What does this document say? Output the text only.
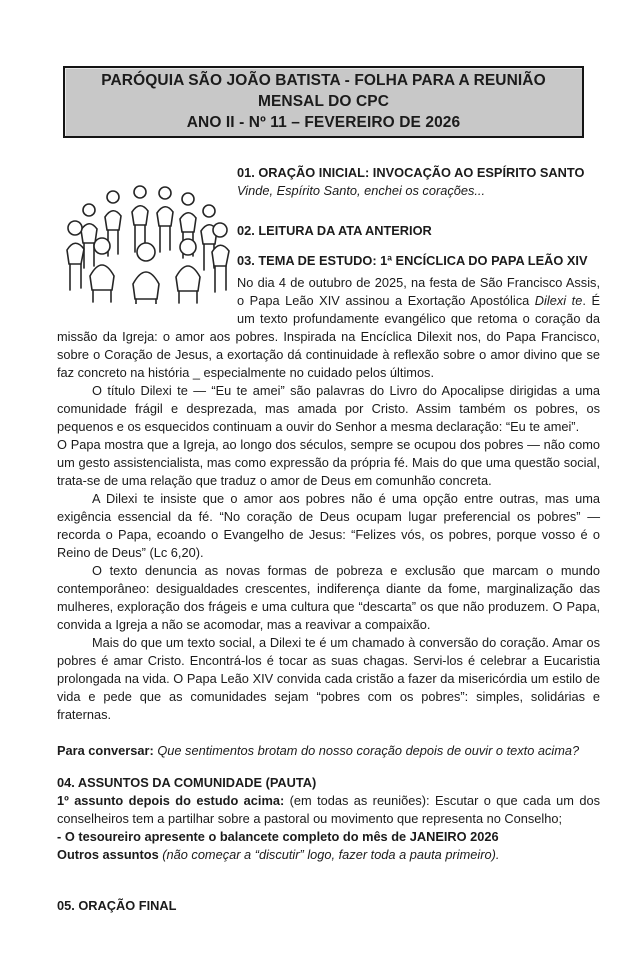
PARÓQUIA SÃO JOÃO BATISTA - FOLHA PARA A REUNIÃO MENSAL DO CPC
ANO II - Nº 11 – FEVEREIRO DE 2026

01. ORAÇÃO INICIAL: INVOCAÇÃO AO ESPÍRITO SANTO

Vinde, Espírito Santo, enchei os corações...

02. LEITURA DA ATA ANTERIOR

03. TEMA DE ESTUDO: 1ª ENCÍCLICA DO PAPA LEÃO XIV

No dia 4 de outubro de 2025, na festa de São Francisco Assis, o Papa Leão XIV assinou a Exortação Apostólica Dilexi te. É um texto profundamente evangélico que retoma o coração da missão da Igreja: o amor aos pobres. Inspirada na Encíclica Dilexit nos, do Papa Francisco, sobre o Coração de Jesus, a exortação dá continuidade à reflexão sobre o amor divino que se faz concreto na história _ especialmente no cuidado pelos últimos.

O título Dilexi te — “Eu te amei” são palavras do Livro do Apocalipse dirigidas a uma comunidade frágil e desprezada, mas amada por Cristo. Assim também os pobres, os pequenos e os esquecidos continuam a ouvir do Senhor a mesma declaração: “Eu te amei”.

O Papa mostra que a Igreja, ao longo dos séculos, sempre se ocupou dos pobres — não como um gesto assistencialista, mas como expressão da própria fé. Mais do que uma questão social, trata-se de uma relação que traduz o amor de Deus em comunhão concreta.

A Dilexi te insiste que o amor aos pobres não é uma opção entre outras, mas uma exigência essencial da fé. “No coração de Deus ocupam lugar preferencial os pobres” — recorda o Papa, ecoando o Evangelho de Jesus: “Felizes vós, os pobres, porque vosso é o Reino de Deus” (Lc 6,20).

O texto denuncia as novas formas de pobreza e exclusão que marcam o mundo contemporâneo: desigualdades crescentes, indiferença diante da fome, marginalização das mulheres, exploração dos frágeis e uma cultura que “descarta” os que não produzem. O Papa, convida a Igreja a não se acomodar, mas a reavivar a compaixão.

Mais do que um texto social, a Dilexi te é um chamado à conversão do coração. Amar os pobres é amar Cristo. Encontrá-los é tocar as suas chagas. Servi-los é celebrar a Eucaristia prolongada na vida. O Papa Leão XIV convida cada cristão a fazer da misericórdia um estilo de vida e pede que as comunidades sejam “pobres com os pobres”: simples, solidárias e fraternas.

Para conversar: Que sentimentos brotam do nosso coração depois de ouvir o texto acima?

04. ASSUNTOS DA COMUNIDADE (PAUTA)

1º assunto depois do estudo acima: (em todas as reuniões): Escutar o que cada um dos conselheiros tem a partilhar sobre a pastoral ou movimento que representa no Conselho;

- O tesoureiro apresente o balancete completo do mês de JANEIRO 2026

Outros assuntos (não começar a “discutir” logo, fazer toda a pauta primeiro).

05. ORAÇÃO FINAL
